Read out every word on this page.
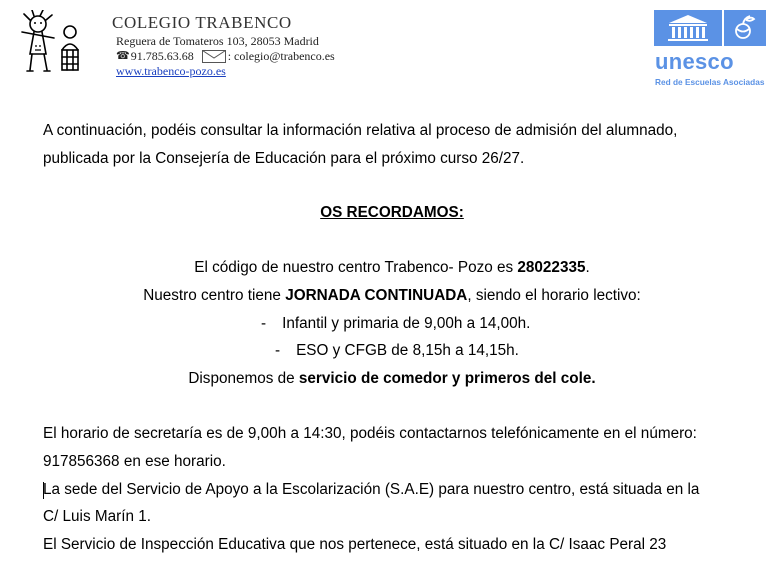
COLEGIO TRABENCO
Reguera de Tomateros 103, 28053 Madrid
☎ 91.785.63.68	: colegio@trabenco.es
www.trabenco-pozo.es	unesco
Red de Escuelas Asociadas
A continuación, podéis consultar la información relativa al proceso de admisión del alumnado,
publicada por la Consejería de Educación para el próximo curso 26/27.
OS RECORDAMOS:
El código de nuestro centro Trabenco- Pozo es 28022335.
Nuestro centro tiene JORNADA CONTINUADA, siendo el horario lectivo:
- Infantil y primaria de 9,00h a 14,00h.
- ESO y CFGB de 8,15h a 14,15h.
Disponemos de servicio de comedor y primeros del cole.
El horario de secretaría es de 9,00h a 14:30, podéis contactarnos telefónicamente en el número:
917856368 en ese horario.
La sede del Servicio de Apoyo a la Escolarización (S.A.E) para nuestro centro, está situada en la
C/ Luis Marín 1.
El Servicio de Inspección Educativa que nos pertenece, está situado en la C/ Isaac Peral 23
